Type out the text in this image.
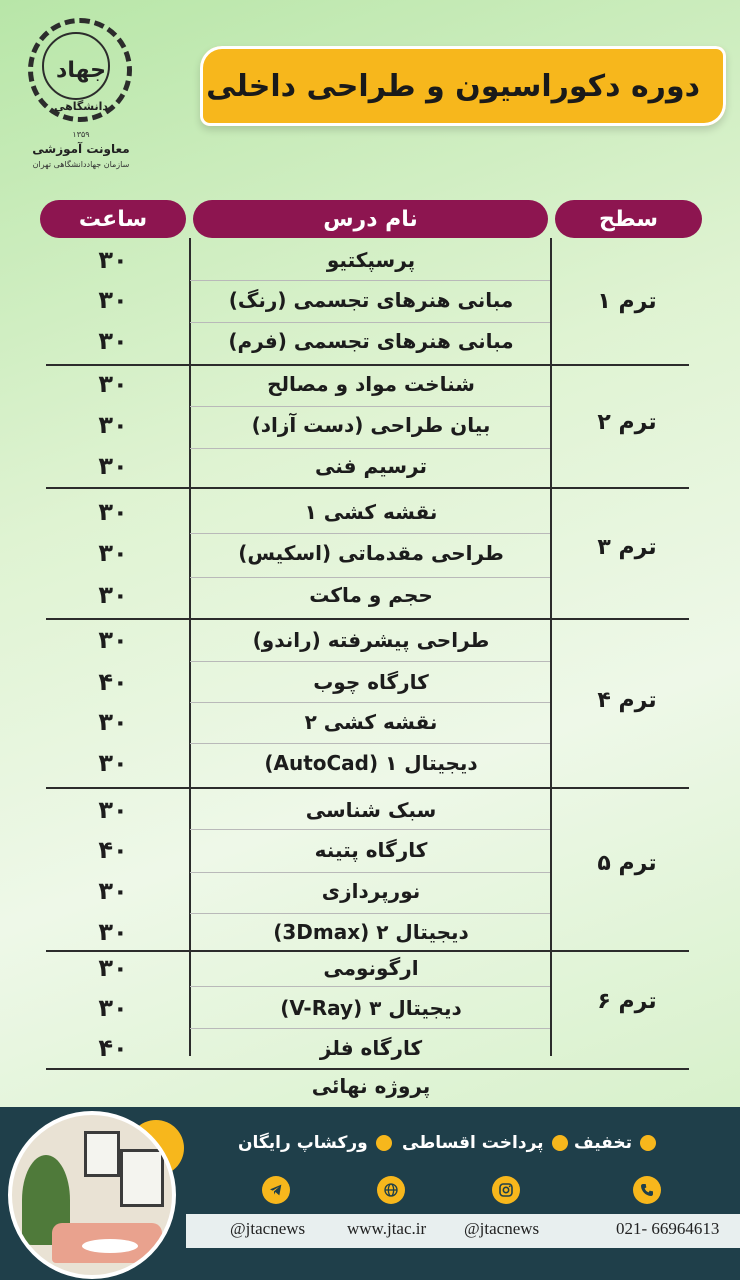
جهاد
دانشگاهی
۱۳۵۹
معاونت آموزشی
سازمان جهاددانشگاهی تهران
دوره دکوراسیون و طراحی داخلی
سطح
نام درس
ساعت
ترم ۱
ترم ۲
ترم ۳
ترم ۴
ترم ۵
ترم ۶
پرسپکتیو
۳۰
مبانی هنرهای تجسمی (رنگ)
۳۰
مبانی هنرهای تجسمی (فرم)
۳۰
شناخت مواد و مصالح
۳۰
بیان طراحی (دست آزاد)
۳۰
ترسیم فنی
۳۰
نقشه کشی ۱
۳۰
طراحی مقدماتی (اسکیس)
۳۰
حجم و ماکت
۳۰
طراحی پیشرفته (راندو)
۳۰
کارگاه چوب
۴۰
نقشه کشی ۲
۳۰
دیجیتال ۱ (AutoCad)
۳۰
سبک شناسی
۳۰
کارگاه پتینه
۴۰
نورپردازی
۳۰
دیجیتال ۲ (3Dmax)
۳۰
ارگونومی
۳۰
دیجیتال ۳ (V-Ray)
۳۰
کارگاه فلز
۴۰
پروژه نهائی
تخفیف
پرداخت اقساطی
ورکشاپ رایگان
021- 66964613
@jtacnews
www.jtac.ir
@jtacnews
